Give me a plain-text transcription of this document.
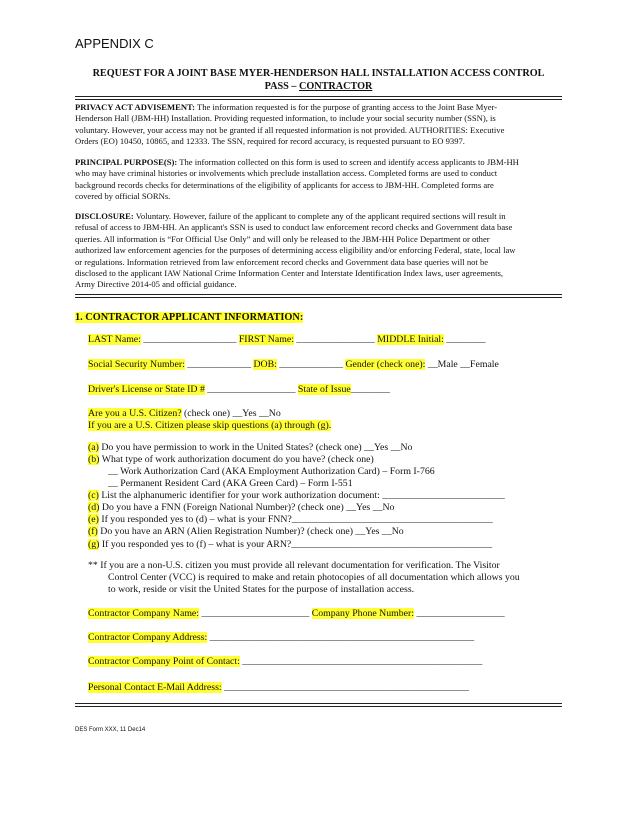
APPENDIX C
REQUEST FOR A JOINT BASE MYER-HENDERSON HALL INSTALLATION ACCESS CONTROL
PASS – CONTRACTOR
PRIVACY ACT ADVISEMENT: The information requested is for the purpose of granting access to the Joint Base Myer-
Henderson Hall (JBM-HH) Installation. Providing requested information, to include your social security number (SSN), is
voluntary. However, your access may not be granted if all requested information is not provided. AUTHORITIES: Executive
Orders (EO) 10450, 10865, and 12333. The SSN, required for record accuracy, is requested pursuant to EO 9397.
PRINCIPAL PURPOSE(S): The information collected on this form is used to screen and identify access applicants to JBM-HH
who may have criminal histories or involvements which preclude installation access. Completed forms are used to conduct
background records checks for determinations of the eligibility of applicants for access to JBM-HH. Completed forms are
covered by official SORNs.
DISCLOSURE: Voluntary. However, failure of the applicant to complete any of the applicant required sections will result in
refusal of access to JBM-HH. An applicant's SSN is used to conduct law enforcement record checks and Government data base
queries. All information is “For Official Use Only” and will only be released to the JBM-HH Police Department or other
authorized law enforcement agencies for the purposes of determining access eligibility and/or enforcing Federal, state, local law
or regulations. Information retrieved from law enforcement record checks and Government data base queries will not be
disclosed to the applicant IAW National Crime Information Center and Interstate Identification Index laws, user agreements,
Army Directive 2014-05 and official guidance.
1. CONTRACTOR APPLICANT INFORMATION:
LAST Name: ___________________ FIRST Name: ________________ MIDDLE Initial: ________
Social Security Number: _____________ DOB: _____________ Gender (check one): __Male __Female
Driver's License or State ID # __________________ State of Issue________
Are you a U.S. Citizen? (check one) __Yes __No
If you are a U.S. Citizen please skip questions (a) through (g).
(a) Do you have permission to work in the United States? (check one) __Yes __No
(b) What type of work authorization document do you have? (check one)
__ Work Authorization Card (AKA Employment Authorization Card) – Form I-766
__ Permanent Resident Card (AKA Green Card) – Form I-551
(c) List the alphanumeric identifier for your work authorization document: _________________________
(d) Do you have a FNN (Foreign National Number)? (check one) __Yes __No
(e) If you responded yes to (d) – what is your FNN?_________________________________________
(f) Do you have an ARN (Alien Registration Number)? (check one) __Yes __No
(g) If you responded yes to (f) – what is your ARN?_________________________________________
** If you are a non-U.S. citizen you must provide all relevant documentation for verification. The Visitor
Control Center (VCC) is required to make and retain photocopies of all documentation which allows you
to work, reside or visit the United States for the purpose of installation access.
Contractor Company Name: ______________________ Company Phone Number: __________________
Contractor Company Address: ______________________________________________________
Contractor Company Point of Contact: _________________________________________________
Personal Contact E-Mail Address: __________________________________________________
DES Form XXX, 11 Dec14
